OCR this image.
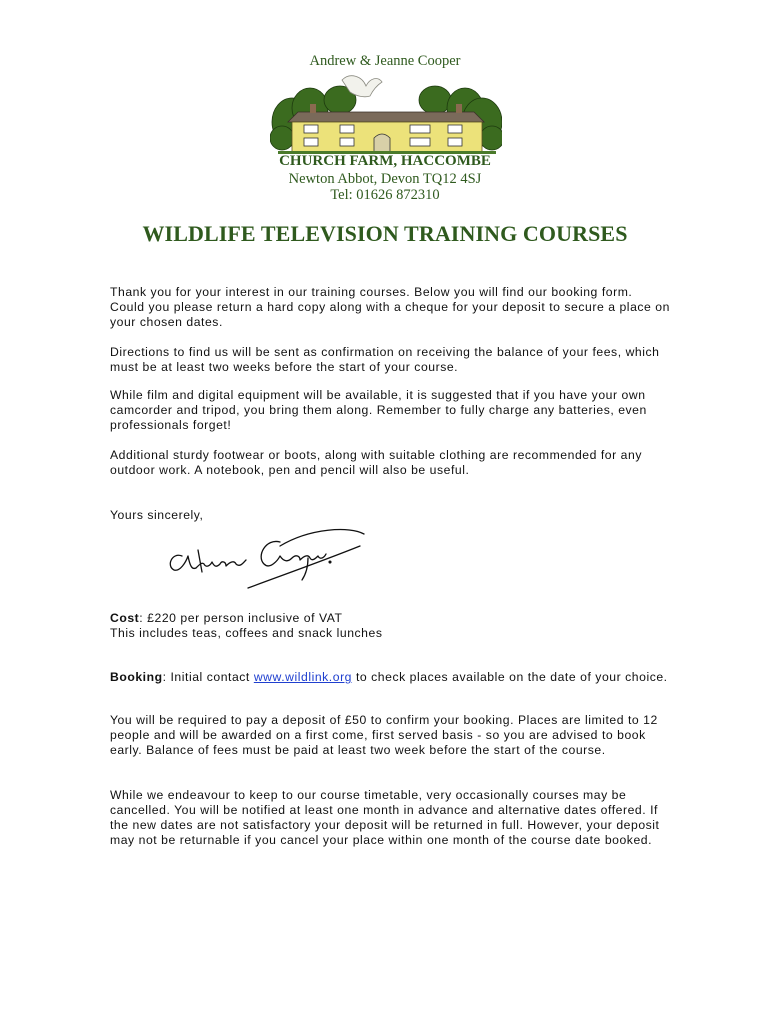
Andrew & Jeanne Cooper
CHURCH FARM, HACCOMBE
Newton Abbot, Devon TQ12 4SJ
Tel: 01626 872310
WILDLIFE TELEVISION TRAINING COURSES

Thank you for your interest in our training courses. Below you will find our booking form. Could you please return a hard copy along with a cheque for your deposit to secure a place on your chosen dates.

Directions to find us will be sent as confirmation on receiving the balance of your fees, which must be at least two weeks before the start of your course.

While film and digital equipment will be available, it is suggested that if you have your own camcorder and tripod, you bring them along. Remember to fully charge any batteries, even professionals forget!

Additional sturdy footwear or boots, along with suitable clothing are recommended for any outdoor work. A notebook, pen and pencil will also be useful.

Yours sincerely,

Cost: £220 per person inclusive of VAT

This includes teas, coffees and snack lunches

Booking: Initial contact www.wildlink.org to check places available on the date of your choice.

You will be required to pay a deposit of £50 to confirm your booking. Places are limited to 12 people and will be awarded on a first come, first served basis - so you are advised to book early. Balance of fees must be paid at least two week before the start of the course.

While we endeavour to keep to our course timetable, very occasionally courses may be cancelled. You will be notified at least one month in advance and alternative dates offered. If the new dates are not satisfactory your deposit will be returned in full. However, your deposit may not be returnable if you cancel your place within one month of the course date booked.
